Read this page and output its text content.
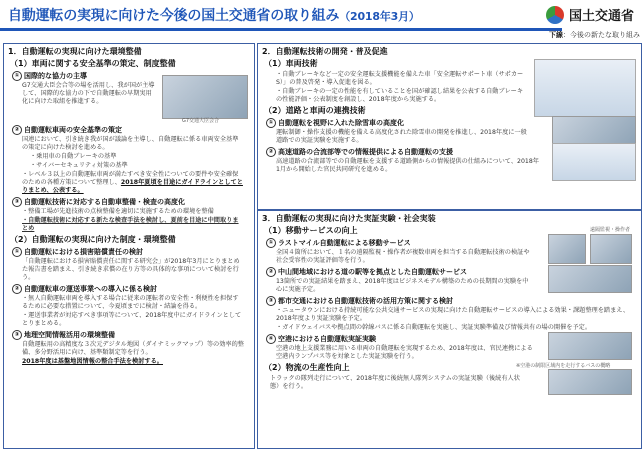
自動運転の実現に向けた今後の国土交通省の取り組み（2018年3月）	国土交通省
下線：今後の新たな取り組み
1．自動運転の実現に向けた環境整備
（1）車両に関する安全基準の策定、制度整備
① 国際的な協力の主導
G7交通大臣会合等の場を活用し、我が国が主導して、国際的な協力の下で自動運転の早期実用化に向けた取組を推進する。
G7交通大臣会合
② 自動運転車両の安全基準の策定
国連において、引き続き我が国が議論を主導し、自動運転に係る車両安全基準の策定に向けた検討を進める。
・乗用車の自動ブレーキの基準
・サイバーセキュリティ対策の基準
・レベル３以上の自動運転車両が満たすべき安全性についての要件や安全確保のための各種方策について整理し、2018年夏頃を目途にガイドラインとしてとりまとめ、公表する。
③ 自動運転技術に対応する自動車整備・検査の高度化
・整備工場が先進技術の点検整備を適切に実施するための環境を整備
・自動運転技術に対応する新たな検査手法を検討し、夏前を目途に中間取りまとめ
（2）自動運転の実現に向けた制度・環境整備
① 自動運転における損害賠償責任の検討
「自動運転における損害賠償責任に関する研究会」が2018年3月にとりまとめた報告書を踏まえ、引き続き求償の在り方等の具体的な事項について検討を行う。
② 自動運転車の運送事業への導入に係る検討
・無人自動運転車両を導入する場合に従来の運転者の安全性・利便性を担保するために必要な措置について、今夏頃までに検討・結論を得る。
・運送事業者が対応すべき事項等について、2018年度中にガイドラインとしてとりまとめる。
③ 地理空間情報活用の環境整備
自動運転用の高精度な３次元デジタル地図（ダイナミックマップ）等の効率的整備、多分野活用に向け、基準類制定等を行う。
2018年度は基盤地図情報の整合手法を検討する。
2．自動運転技術の開発・普及促進
（1）車両技術
・自動ブレーキなど一定の安全運転支援機能を備えた車「安全運転サポート車（サポカーS）」の普及啓発・導入促進を図る。
・自動ブレーキの一定の性能を有していることを国が確認し結果を公表する自動ブレーキの性能評価・公表制度を創設し、2018年度から実施する。
（2）道路と車両の連携技術
① 自動運転を視野に入れた除雪車の高度化
運転制御・操作支援の機能を備える高度化された除雪車の開発を推進し、2018年度に一般道路での実証実験を実施する。
② 高速道路の合流部等での情報提供による自動運転の支援
高速道路の合流部等での自動運転を支援する道路側からの情報提供の仕組みについて、2018年1月から開始した官民共同研究を進める。
3．自動運転の実現に向けた実証実験・社会実装
（1）移動サービスの向上
① ラストマイル自動運転による移動サービス
全国４箇所において、１名の遠隔監視・操作者が複数車両を担当する自動運転技術の検証や社会受容性の実証評価等を行う。
遠隔監視・操作者
② 中山間地域における道の駅等を拠点とした自動運転サービス
13箇所での実証結果を踏まえ、2018年度はビジネスモデル構築のための長期間の実験を中心に実施予定。
③ 都市交通における自動運転技術の活用方策に関する検討
・ニュータウンにおける持続可能な公共交通サービスの実現に向けた自動運転サービスの導入による効果・課題整理を踏まえ、2018年度より実証実験を予定。
・ガイドウェイバスや拠点間の幹線バスに係る自動運転を実施し、実証実験準備及び情報共有の場の開催を予定。
④ 空港における自動運転実証実験
空港の地上支援業務に用いる車両の自動運転を実現するため、2018年度は、官民連携による空港内ランプバス等を対象とした実証実験を行う。
※空港の制限区域内を走行するバスの概略
（2）物流の生産性向上
トラックの隊列走行について、2018年度に後続無人隊列システムの実証実験（後続有人状態）を行う。
